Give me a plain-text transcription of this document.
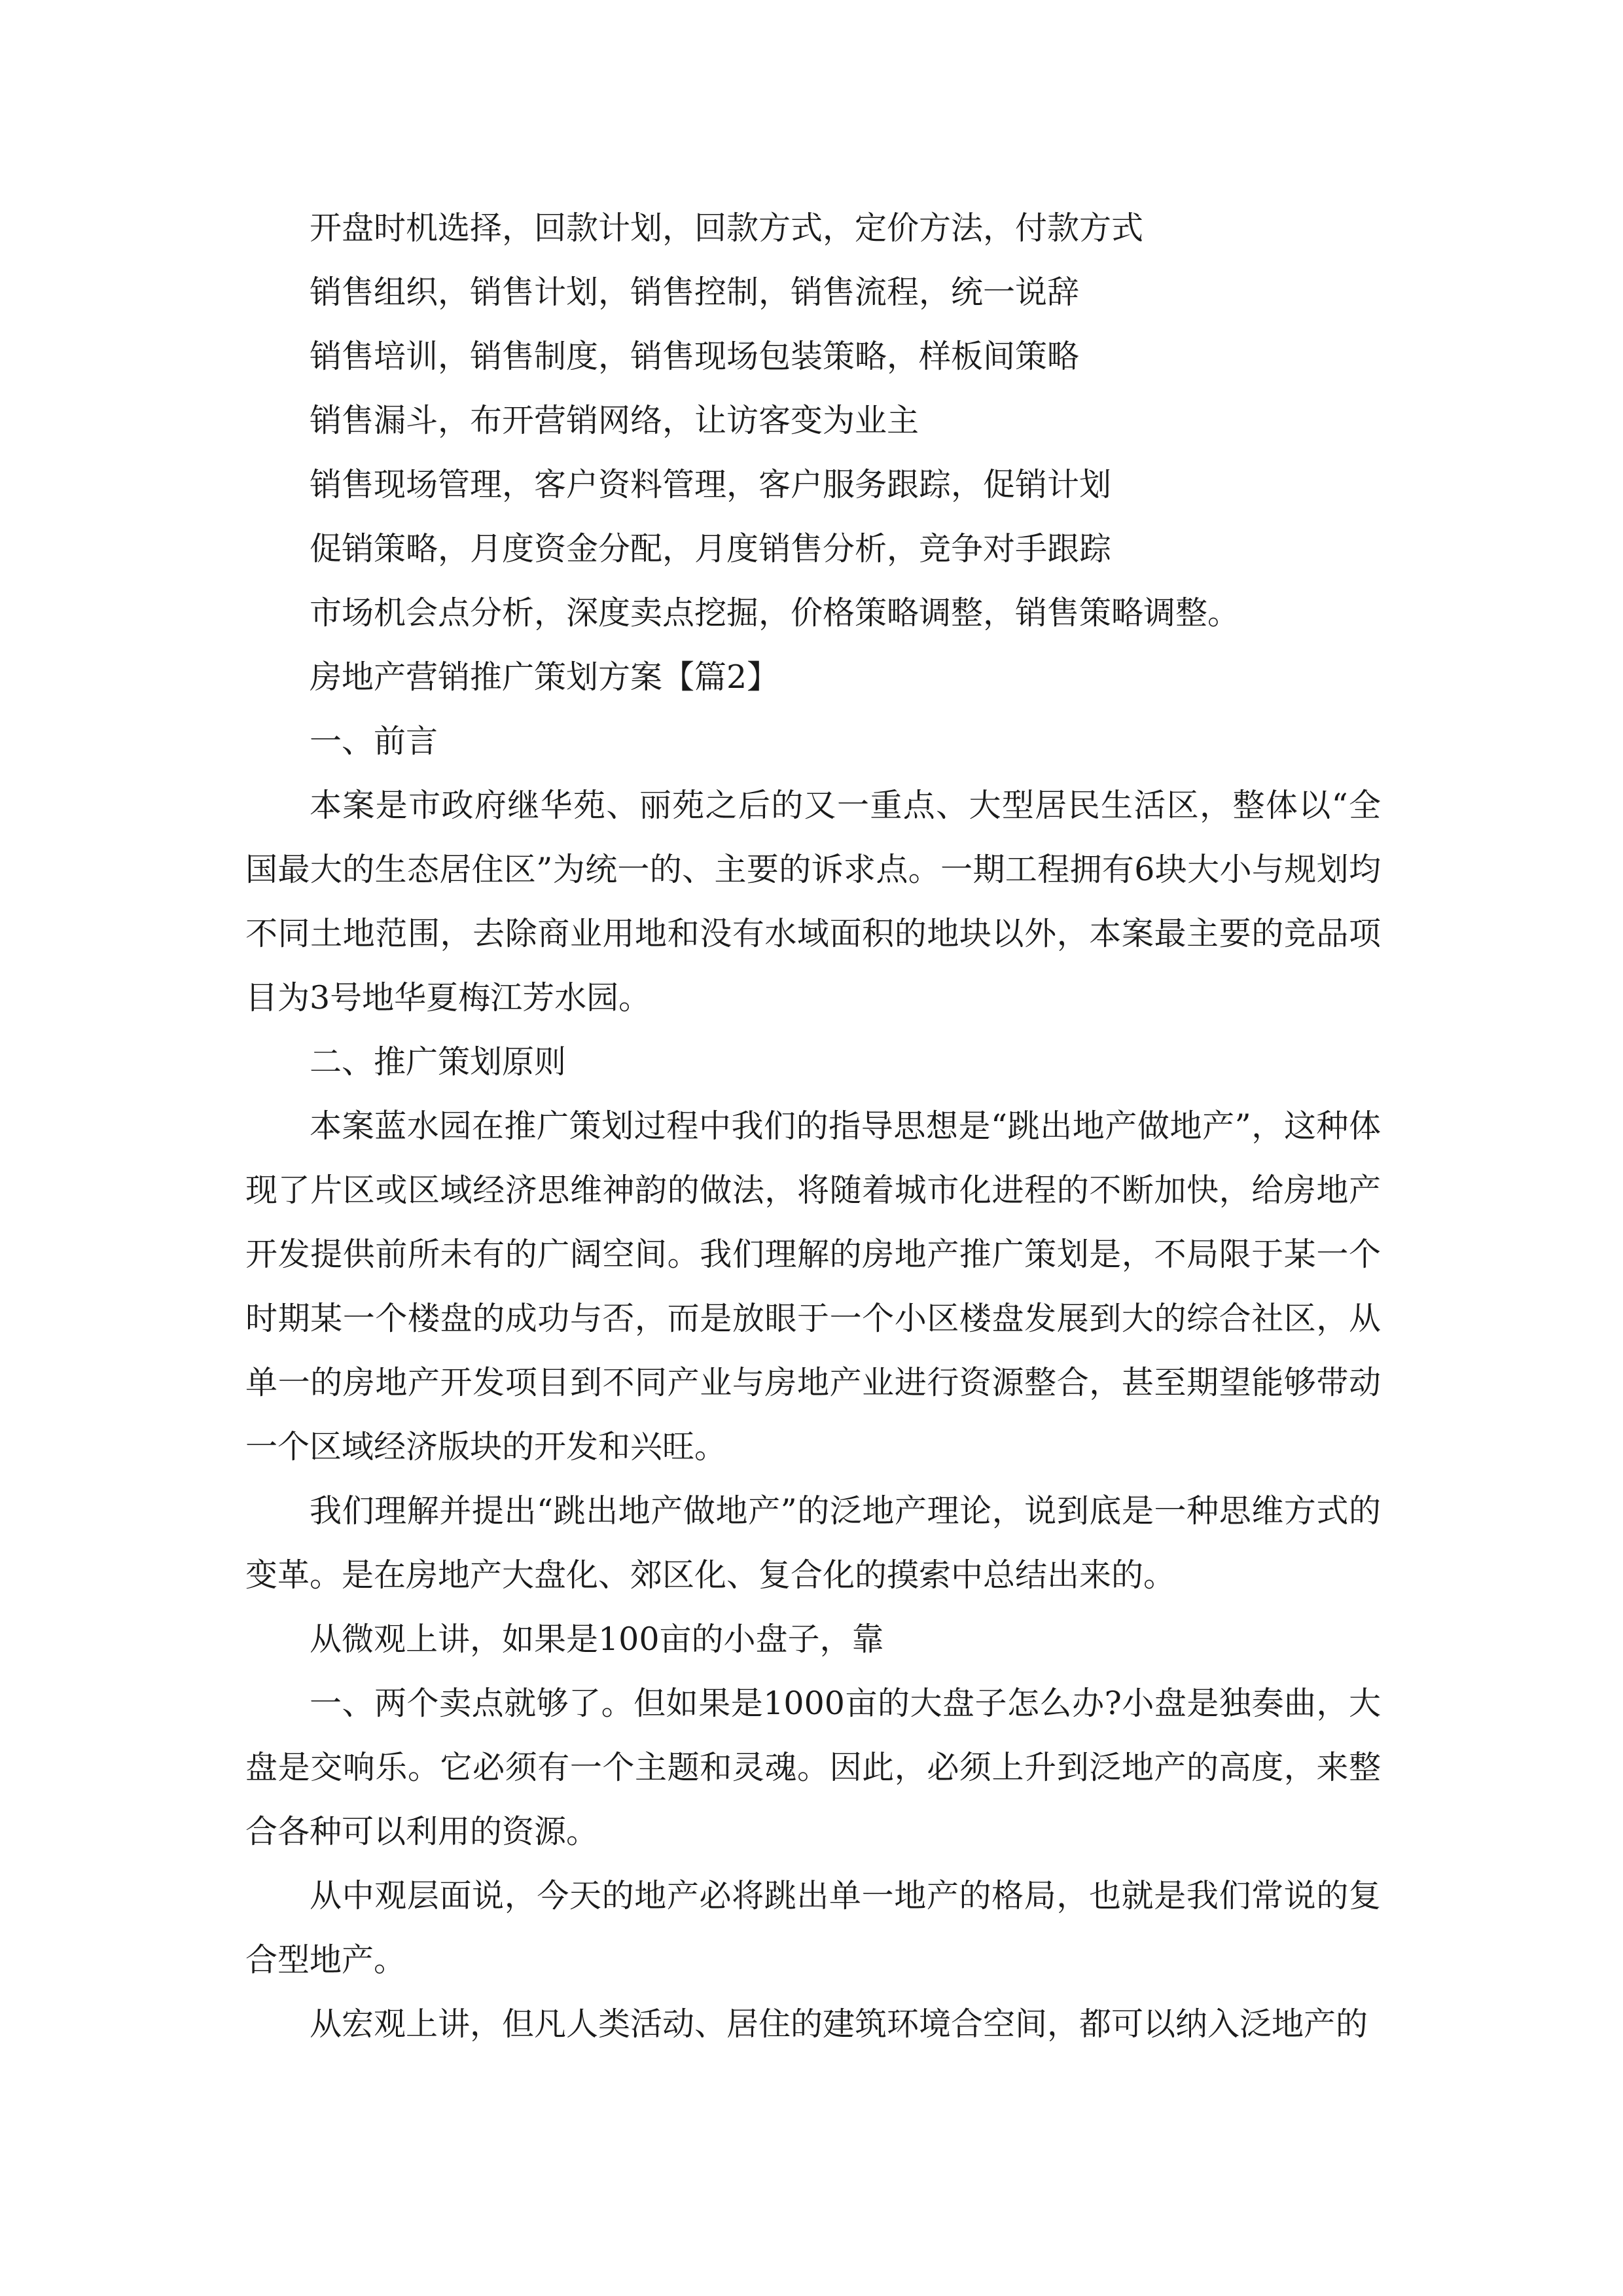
开盘时机选择，回款计划，回款方式，定价方法，付款方式
销售组织，销售计划，销售控制，销售流程，统一说辞
销售培训，销售制度，销售现场包装策略，样板间策略
销售漏斗，布开营销网络，让访客变为业主
销售现场管理，客户资料管理，客户服务跟踪，促销计划
促销策略，月度资金分配，月度销售分析，竞争对手跟踪
市场机会点分析，深度卖点挖掘，价格策略调整，销售策略调整。
房地产营销推广策划方案【篇2】
一、前言

本案是市政府继华苑、丽苑之后的又一重点、大型居民生活区，整体以“全国最大的生态居住区”为统一的、主要的诉求点。一期工程拥有6块大小与规划均不同土地范围，去除商业用地和没有水域面积的地块以外，本案最主要的竞品项目为3号地华夏梅江芳水园。

二、推广策划原则

本案蓝水园在推广策划过程中我们的指导思想是“跳出地产做地产”，这种体现了片区或区域经济思维神韵的做法，将随着城市化进程的不断加快，给房地产开发提供前所未有的广阔空间。我们理解的房地产推广策划是，不局限于某一个时期某一个楼盘的成功与否，而是放眼于一个小区楼盘发展到大的综合社区，从单一的房地产开发项目到不同产业与房地产业进行资源整合，甚至期望能够带动一个区域经济版块的开发和兴旺。

我们理解并提出“跳出地产做地产”的泛地产理论，说到底是一种思维方式的变革。是在房地产大盘化、郊区化、复合化的摸索中总结出来的。

从微观上讲，如果是100亩的小盘子，靠

一、两个卖点就够了。但如果是1000亩的大盘子怎么办?小盘是独奏曲，大盘是交响乐。它必须有一个主题和灵魂。因此，必须上升到泛地产的高度，来整合各种可以利用的资源。

从中观层面说，今天的地产必将跳出单一地产的格局，也就是我们常说的复合型地产。

从宏观上讲，但凡人类活动、居住的建筑环境合空间，都可以纳入泛地产的
